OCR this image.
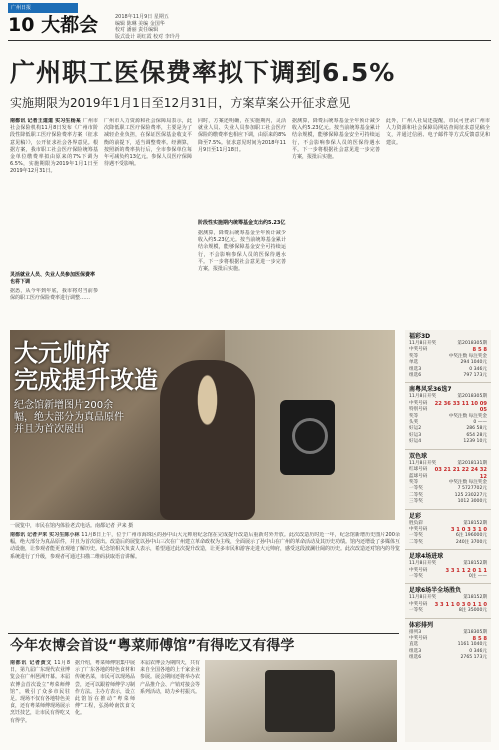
广州日报
10 大都会	2018年11月9日 星期五
编辑 陈琳 美编 金国华
校对 潘丽 责任编辑
版式设计 胡红霞 校对 李玲丹
广州职工医保费率拟下调到6.5%
实施期限为2019年1月1日至12月31日，方案草案公开征求意见
南都讯 记者王道道 实习生杨某 广州市社会保险机构11月8日发布《广州市阶段性降低职工医疗保险费率方案（征求意见稿）》，公开征求社会各界意见。根据方案，我市职工社会医疗保险统筹基金单位缴费率拟由原来的7%下调为6.5%，实施期限为2019年1月1日至2019年12月31日。
灵活就业人员、失业人员参加医保费率也将下调
据悉，从今年到年底，我市将对当前参保的职工医疗保险费率进行调整……
广州市人力资源和社会保障局表示，此次降低职工医疗保险费率，主要是为了减轻企业负担，在保证医保基金收支平衡的前提下，适当调整费率。经测算，按照新的费率执行后，全市参保单位每年可减负约13亿元。参保人员医疗保障待遇不受影响。
同时，方案还明确，在实施期内，灵活就业人员、失业人员参加职工社会医疗保险的缴费率也相应下调，由原来的8%降至7.5%。征求意见时间为2018年11月9日至11月18日。
阶段性实施期内统筹基金支出约5.23亿
据测算，降费后统筹基金全年预计减少收入约5.23亿元。按当前统筹基金累计结余规模，能够保障基金安全可持续运行，不会影响参保人员的医保待遇水平。下一步将根据社会意见进一步完善方案，报批后实施。
据测算，降费后统筹基金全年预计减少收入约5.23亿元。按当前统筹基金累计结余规模，能够保障基金安全可持续运行，不会影响参保人员的医保待遇水平。下一步将根据社会意见进一步完善方案，报批后实施。
此外，广州人社局还提醒，市民可登录广州市人力资源和社会保障局网站查阅征求意见稿全文，并通过信函、电子邮件等方式反馈意见和建议。
大元帅府
完成提升改造
纪念馆新增图片200余
幅，绝大部分为真品原件
并且为首次展出
一展览中，市民在馆内体验老式电话。南都记者 尹来 摄
南都讯 记者尹来 实习生陈小林 11月8日上午，位于广州市海珠区的孙中山大元帅府纪念馆在完成提升改造后重新对外开放。此次改造历时近一年，纪念馆新增历史图片200余幅，绝大部分为真品原件，并且为首次展出。改造后的展览以孙中山三次在广州建立革命政权为主线，全面展示了孙中山在广州的革命活动及其历史功绩。馆内还增设了多媒体互动设施，让参观者能更直观地了解历史。纪念馆相关负责人表示，希望通过此次提升改造，让更多市民和游客走进大元帅府，感受这段波澜壮阔的历史。此次改造还对馆内的导览系统进行了升级，参观者可通过扫描二维码获取语音讲解。
福彩3D
11月8日开奖	第2018305期
中奖号码	8 5 8
奖等	中奖注数 每注奖金
单选	294 1040元
组选3	0 346元
组选6	797 173元
南粤风采36选7
11月8日开奖	第2018305期
中奖号码 22 36 33 11 10 09
特别号码	05
奖等	中奖注数 每注奖金
头奖	0 ——
好运2	286 58元
好运3	654 28元
好运4	1239 10元
双色球
11月8日开奖	第2018131期
红球号码 03 21 21 22 24 32
蓝球号码	12
奖等	中奖注数 每注奖金
一等奖	7 5727702元
二等奖	125 230227元
三等奖	1012 3000元
足彩
胜负彩	第18152期
中奖号码	3 1 0 3 3 1 0
一等奖	6注 196000元
二等奖	240注 3700元
足球4场进球
11月8日开奖	第18152期
中奖号码	3 3 1 1 2 0 1 1
一等奖	0注 ——
足球6场半全场胜负
11月8日开奖	第18152期
中奖号码 3 3 1 1 0 3 0 1 1 0
一等奖	8注 35000元
体彩排列
排列3	第18305期
中奖号码	8 5 8
直选	1161 1040元
组选3	0 346元
组选6	2765 173元
今年农博会首设“粤菜师傅馆”有得吃又有得学
南都讯 记者黄文 11月8日，第九届广东现代农业博览会在广州琶洲开幕。本届农博会首次设立“粤菜师傅馆”，吸引了众多市民驻足。现场不仅有各地特色美食，还有粤菜师傅现场展示烹饪技艺，让市民有得吃又有得学。
据介绍，粤菜师傅馆集中展示了广东各地的特色食材和传统名菜，市民可以现场品尝，还可以跟着师傅学习制作方法。主办方表示，设立此馆旨在推动“粤菜师傅”工程，弘扬岭南饮食文化。
本届农博会为期四天，共有来自全国各地的上千家企业参展。展会期间还将举办农产品推介会、产销对接会等系列活动，助力乡村振兴。
